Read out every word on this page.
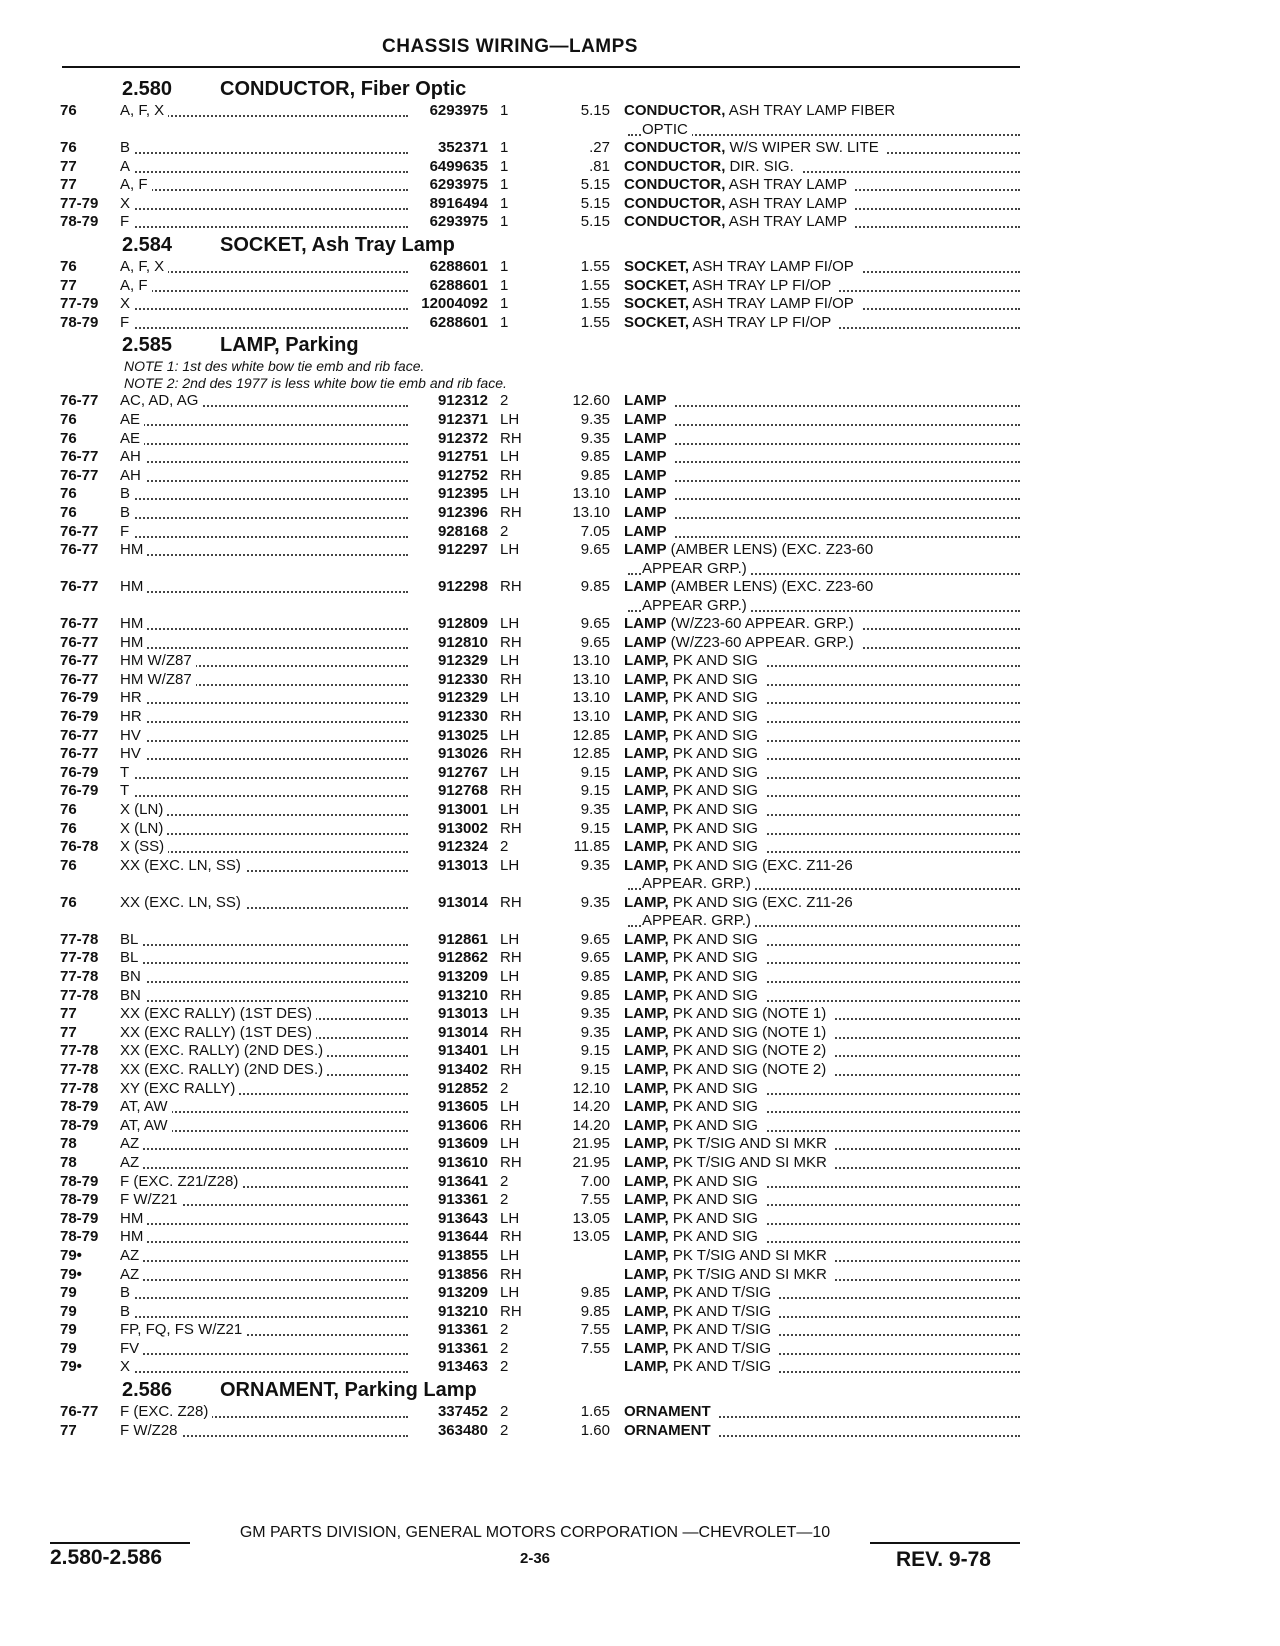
CHASSIS WIRING—LAMPS
2.580 CONDUCTOR, Fiber Optic
76	A, F, X	6293975 1	5.15 CONDUCTOR, ASH TRAY LAMP FIBER
OPTIC
76	B	352371 1	.27 CONDUCTOR, W/S WIPER SW. LITE
77	A	6499635 1	.81 CONDUCTOR, DIR. SIG.
77	A, F	6293975 1	5.15 CONDUCTOR, ASH TRAY LAMP
77-79	X	8916494 1	5.15 CONDUCTOR, ASH TRAY LAMP
78-79	F	6293975 1	5.15 CONDUCTOR, ASH TRAY LAMP
2.584 SOCKET, Ash Tray Lamp
76	A, F, X	6288601 1	1.55 SOCKET, ASH TRAY LAMP FI/OP
77	A, F	6288601 1	1.55 SOCKET, ASH TRAY LP FI/OP
77-79	X	12004092 1	1.55 SOCKET, ASH TRAY LAMP FI/OP
78-79	F	6288601 1	1.55 SOCKET, ASH TRAY LP FI/OP
2.585 LAMP, Parking
NOTE 1: 1st des white bow tie emb and rib face.
NOTE 2: 2nd des 1977 is less white bow tie emb and rib face.
76-77	AC, AD, AG	912312 2	12.60 LAMP
76	AE	912371 LH	9.35 LAMP
76	AE	912372 RH	9.35 LAMP
76-77	AH	912751 LH	9.85 LAMP
76-77	AH	912752 RH	9.85 LAMP
76	B	912395 LH	13.10 LAMP
76	B	912396 RH	13.10 LAMP
76-77	F	928168 2	7.05 LAMP
76-77	HM	912297 LH	9.65 LAMP (AMBER LENS) (EXC. Z23-60
APPEAR GRP.)
76-77	HM	912298 RH	9.85 LAMP (AMBER LENS) (EXC. Z23-60
APPEAR GRP.)
76-77	HM	912809 LH	9.65 LAMP (W/Z23-60 APPEAR. GRP.)
76-77	HM	912810 RH	9.65 LAMP (W/Z23-60 APPEAR. GRP.)
76-77	HM W/Z87	912329 LH	13.10 LAMP, PK AND SIG
76-77	HM W/Z87	912330 RH	13.10 LAMP, PK AND SIG
76-79	HR	912329 LH	13.10 LAMP, PK AND SIG
76-79	HR	912330 RH	13.10 LAMP, PK AND SIG
76-77	HV	913025 LH	12.85 LAMP, PK AND SIG
76-77	HV	913026 RH	12.85 LAMP, PK AND SIG
76-79	T	912767 LH	9.15 LAMP, PK AND SIG
76-79	T	912768 RH	9.15 LAMP, PK AND SIG
76	X (LN)	913001 LH	9.35 LAMP, PK AND SIG
76	X (LN)	913002 RH	9.15 LAMP, PK AND SIG
76-78	X (SS)	912324 2	11.85 LAMP, PK AND SIG
76	XX (EXC. LN, SS)	913013 LH	9.35 LAMP, PK AND SIG (EXC. Z11-26
APPEAR. GRP.)
76	XX (EXC. LN, SS)	913014 RH	9.35 LAMP, PK AND SIG (EXC. Z11-26
APPEAR. GRP.)
77-78	BL	912861 LH	9.65 LAMP, PK AND SIG
77-78	BL	912862 RH	9.65 LAMP, PK AND SIG
77-78	BN	913209 LH	9.85 LAMP, PK AND SIG
77-78	BN	913210 RH	9.85 LAMP, PK AND SIG
77	XX (EXC RALLY) (1ST DES)	913013 LH	9.35 LAMP, PK AND SIG (NOTE 1)
77	XX (EXC RALLY) (1ST DES)	913014 RH	9.35 LAMP, PK AND SIG (NOTE 1)
77-78	XX (EXC. RALLY) (2ND DES.)	913401 LH	9.15 LAMP, PK AND SIG (NOTE 2)
77-78	XX (EXC. RALLY) (2ND DES.)	913402 RH	9.15 LAMP, PK AND SIG (NOTE 2)
77-78	XY (EXC RALLY)	912852 2	12.10 LAMP, PK AND SIG
78-79	AT, AW	913605 LH	14.20 LAMP, PK AND SIG
78-79	AT, AW	913606 RH	14.20 LAMP, PK AND SIG
78	AZ	913609 LH	21.95 LAMP, PK T/SIG AND SI MKR
78	AZ	913610 RH	21.95 LAMP, PK T/SIG AND SI MKR
78-79	F (EXC. Z21/Z28)	913641 2	7.00 LAMP, PK AND SIG
78-79	F W/Z21	913361 2	7.55 LAMP, PK AND SIG
78-79	HM	913643 LH	13.05 LAMP, PK AND SIG
78-79	HM	913644 RH	13.05 LAMP, PK AND SIG
79•	AZ	913855 LH	LAMP, PK T/SIG AND SI MKR
79•	AZ	913856 RH	LAMP, PK T/SIG AND SI MKR
79	B	913209 LH	9.85 LAMP, PK AND T/SIG
79	B	913210 RH	9.85 LAMP, PK AND T/SIG
79	FP, FQ, FS W/Z21	913361 2	7.55 LAMP, PK AND T/SIG
79	FV	913361 2	7.55 LAMP, PK AND T/SIG
79•	X	913463 2	LAMP, PK AND T/SIG
2.586 ORNAMENT, Parking Lamp
76-77	F (EXC. Z28)	337452 2	1.65 ORNAMENT
77	F W/Z28	363480 2	1.60 ORNAMENT
GM PARTS DIVISION, GENERAL MOTORS CORPORATION —CHEVROLET—10
2.580-2.586	2-36	REV. 9-78
